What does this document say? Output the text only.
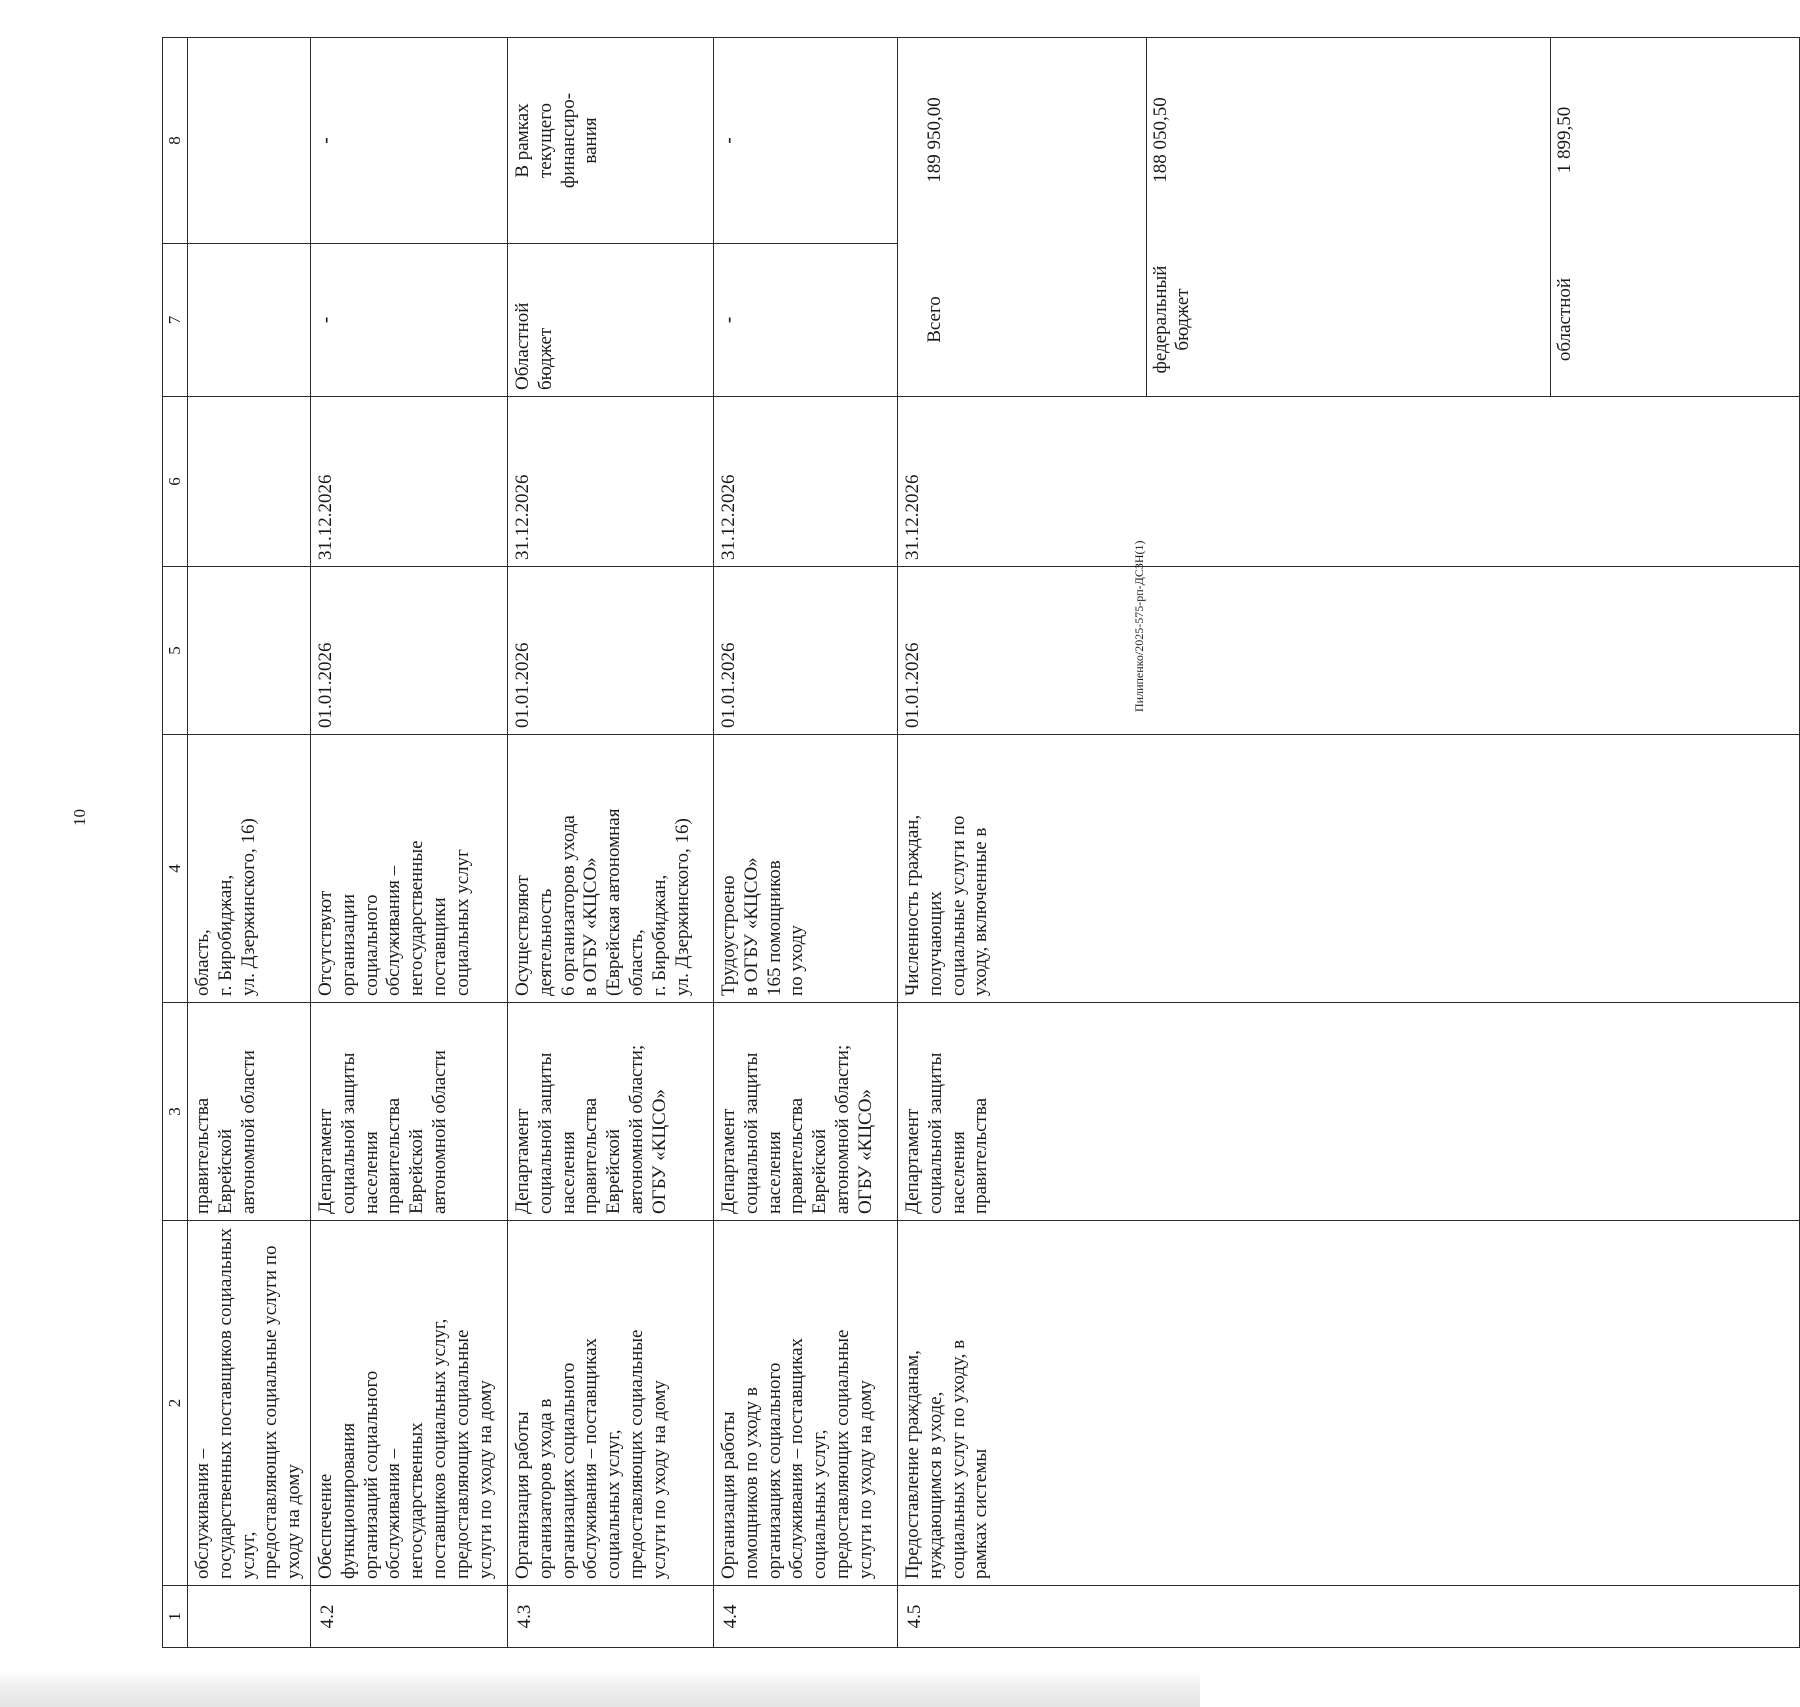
10
Пилипенко/2025-575-рп-ДСЗН(1)
1	2	3	4	5	6	7	8
	обслуживания –
государственных поставщиков социальных услуг,
предоставляющих социальные услуги по уходу на дому	правительства
Еврейской
автономной области	область,
г. Биробиджан,
ул. Дзержинского, 16)				
4.2	Обеспечение
функционирования
организаций социального
обслуживания –
негосударственных
поставщиков социальных услуг,
предоставляющих социальные
услуги по уходу на дому	Департамент
социальной защиты
населения
правительства
Еврейской
автономной области	Отсутствуют
организации
социального
обслуживания –
негосударственные
поставщики
социальных услуг	01.01.2026	31.12.2026	-	-
4.3	Организация работы
организаторов ухода в
организациях социального
обслуживания – поставщиках
социальных услуг,
предоставляющих социальные
услуги по уходу на дому	Департамент
социальной защиты
населения
правительства
Еврейской
автономной области;
ОГБУ «КЦСО»	Осуществляют
деятельность
6 организаторов ухода
в ОГБУ «КЦСО»
(Еврейская автономная
область,
г. Биробиджан,
ул. Дзержинского, 16)	01.01.2026	31.12.2026	Областной
бюджет	В рамках
текущего
финансиро-
вания
4.4	Организация работы
помощников по уходу в
организациях социального
обслуживания – поставщиках
социальных услуг,
предоставляющих социальные
услуги по уходу на дому	Департамент
социальной защиты
населения
правительства
Еврейской
автономной области;
ОГБУ «КЦСО»	Трудоустроено
в ОГБУ «КЦСО»
165 помощников
по уходу	01.01.2026	31.12.2026	-	-
4.5	Предоставление гражданам,
нуждающимся в уходе,
социальных услуг по уходу, в
рамках системы	Департамент
социальной защиты
населения
правительства	Численность граждан,
получающих
социальные услуги по
уходу, включенные в	01.01.2026	31.12.2026	

Всего	189 950,00
федеральный
бюджет	188 050,50
областной	1 899,50
